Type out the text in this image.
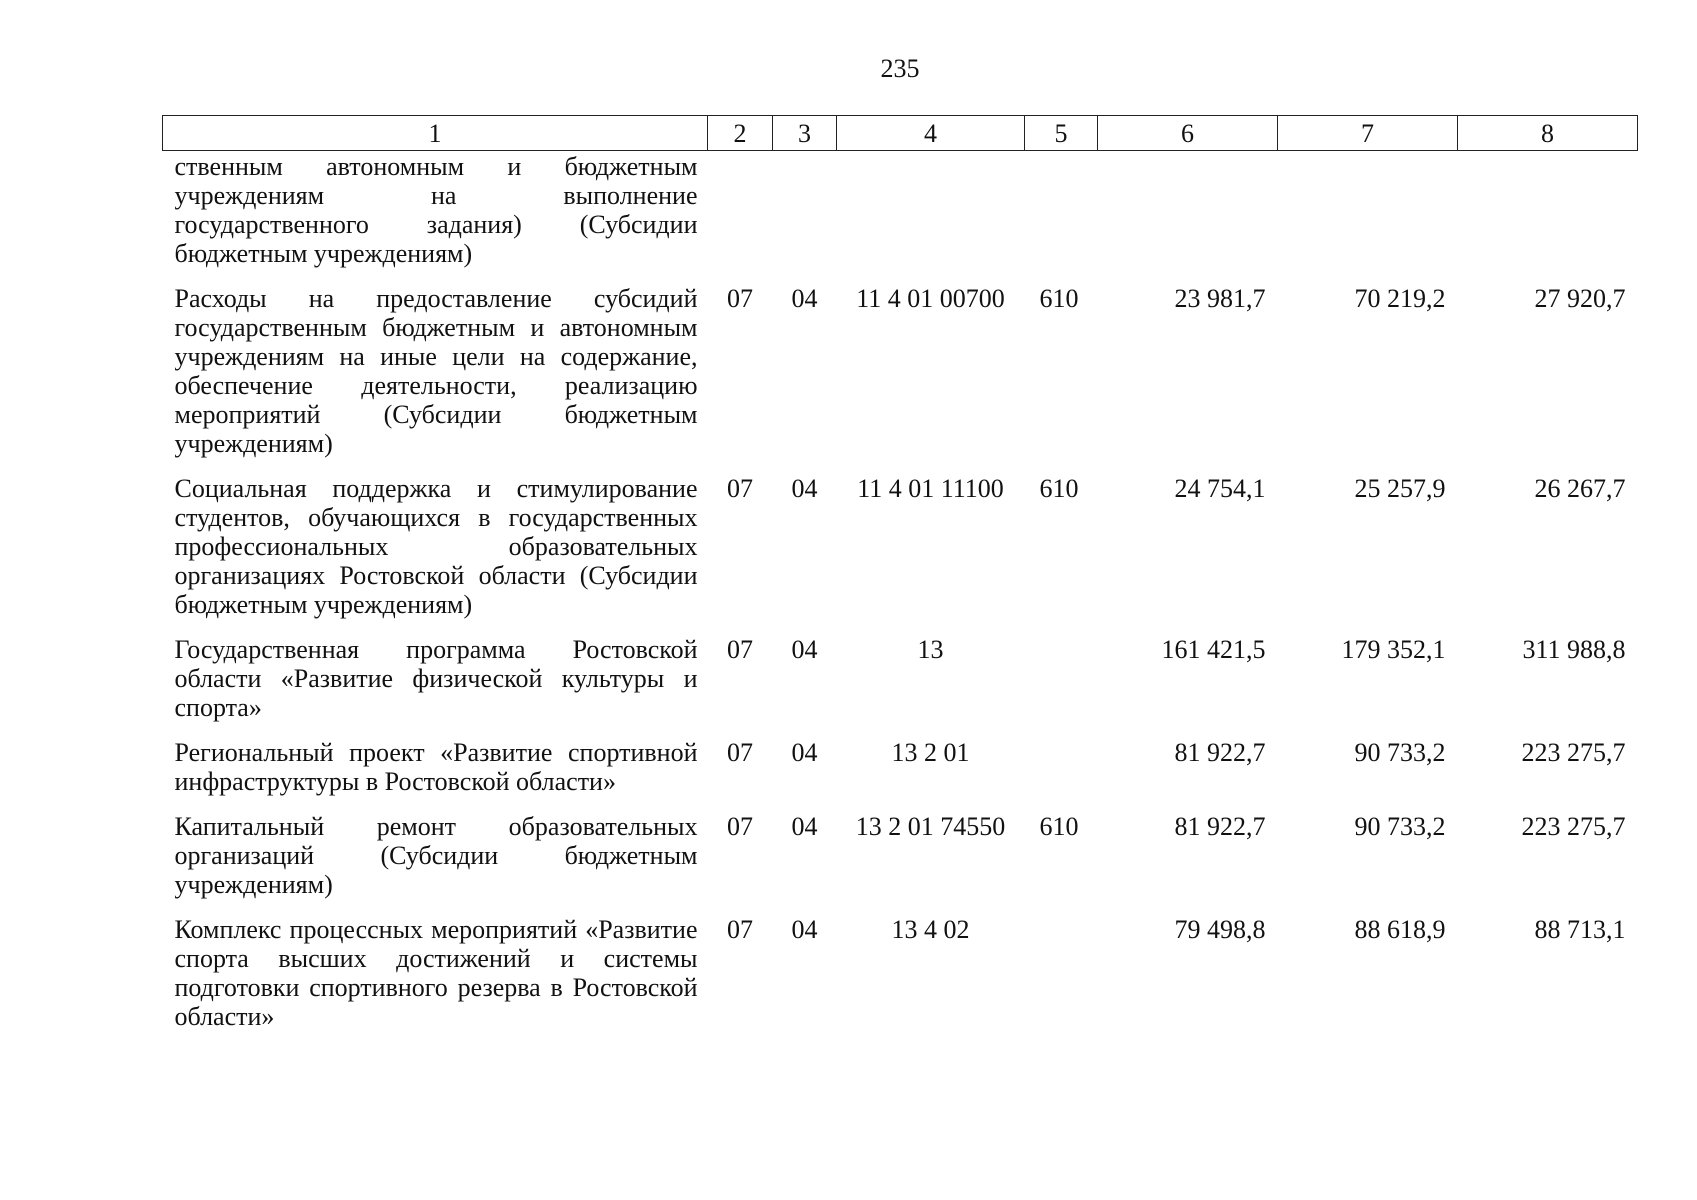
235
1	2	3	4	5	6	7	8
ственным автономным и бюджетным учреждениям на выполнение государственного задания) (Субсидии бюджетным учреждениям)							
Расходы на предоставление субсидий государственным бюджетным и автономным учреждениям на иные цели на содержание, обеспечение деятельности, реализацию мероприятий (Субсидии бюджетным учреждениям)	07	04	11 4 01 00700	610	23 981,7	70 219,2	27 920,7
Социальная поддержка и стимулирование студентов, обучающихся в государственных профессиональных образовательных организациях Ростовской области (Субсидии бюджетным учреждениям)	07	04	11 4 01 11100	610	24 754,1	25 257,9	26 267,7
Государственная программа Ростовской области «Развитие физической культуры и спорта»	07	04	13		161 421,5	179 352,1	311 988,8
Региональный проект «Развитие спортивной инфраструктуры в Ростовской области»	07	04	13 2 01		81 922,7	90 733,2	223 275,7
Капитальный ремонт образовательных организаций (Субсидии бюджетным учреждениям)	07	04	13 2 01 74550	610	81 922,7	90 733,2	223 275,7
Комплекс процессных мероприятий «Развитие спорта высших достижений и системы подготовки спортивного резерва в Ростовской области»	07	04	13 4 02		79 498,8	88 618,9	88 713,1
